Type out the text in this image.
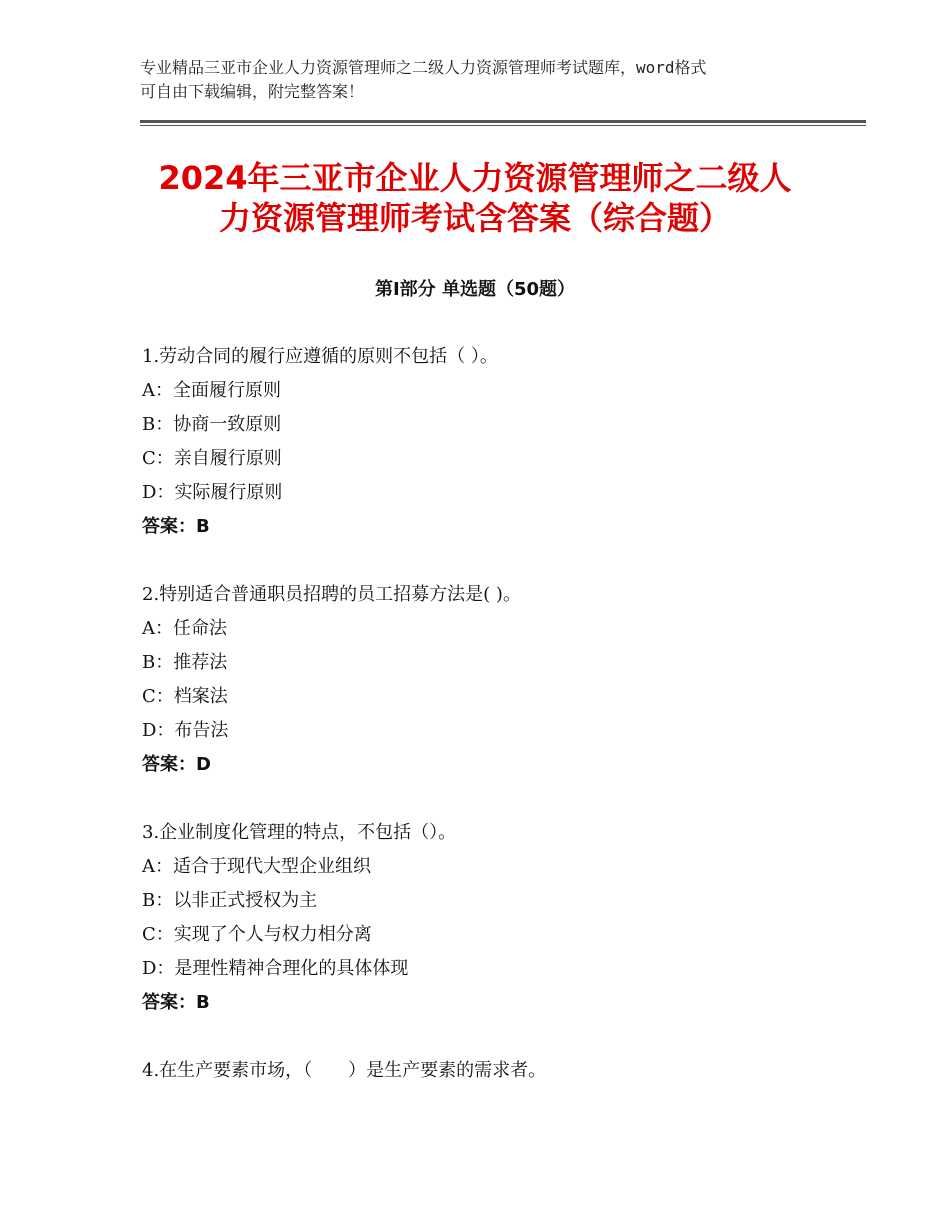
专业精品三亚市企业人力资源管理师之二级人力资源管理师考试题库，word格式
可自由下载编辑，附完整答案！
2024年三亚市企业人力资源管理师之二级人
力资源管理师考试含答案（综合题）
第Ⅰ部分 单选题（50题）
1.劳动合同的履行应遵循的原则不包括（ ）。
A：全面履行原则
B：协商一致原则
C：亲自履行原则
D：实际履行原则
答案：B
2.特别适合普通职员招聘的员工招募方法是( )。
A：任命法
B：推荐法
C：档案法
D：布告法
答案：D
3.企业制度化管理的特点，不包括（）。
A：适合于现代大型企业组织
B：以非正式授权为主
C：实现了个人与权力相分离
D：是理性精神合理化的具体体现
答案：B
4.在生产要素市场，（　　）是生产要素的需求者。
